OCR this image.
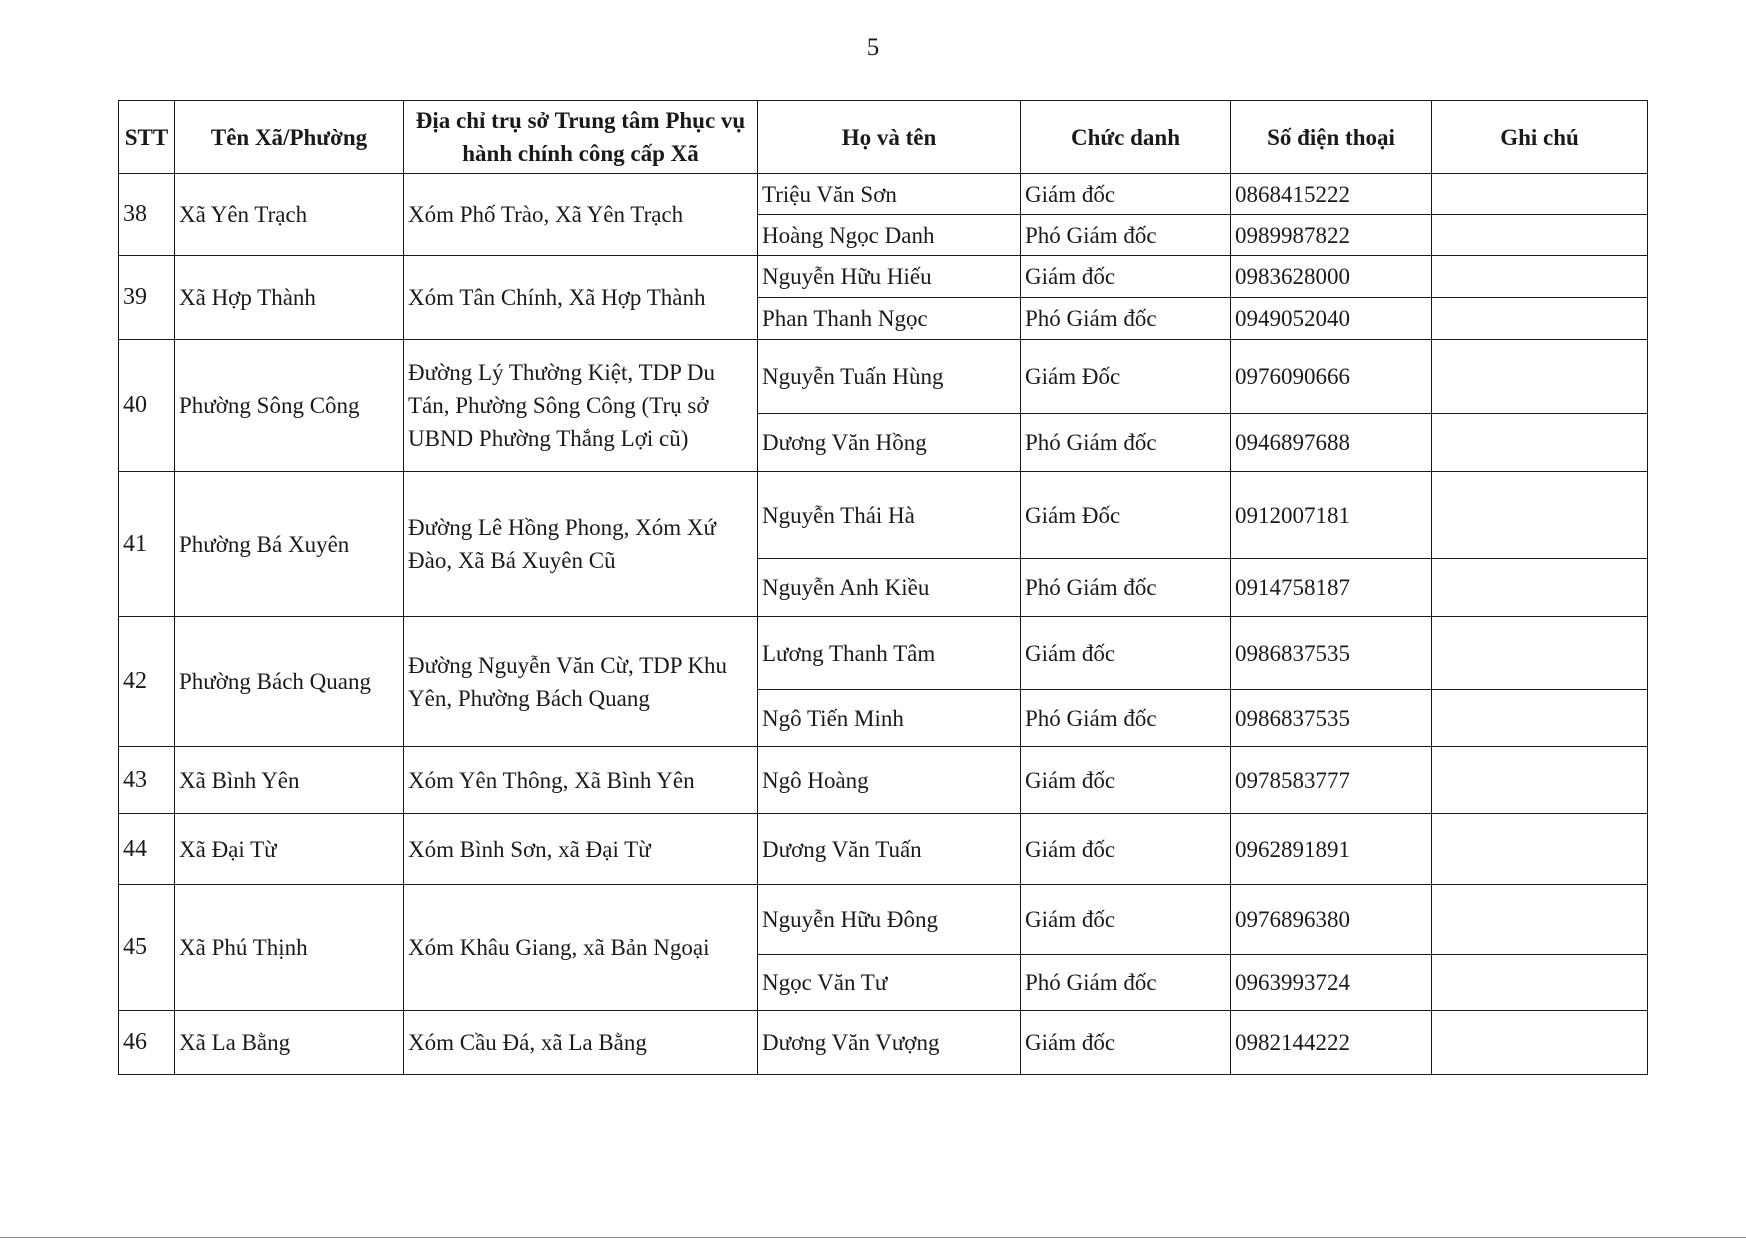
5
STT	Tên Xã/Phường	Địa chỉ trụ sở Trung tâm Phục vụ hành chính công cấp Xã	Họ và tên	Chức danh	Số điện thoại	Ghi chú
38	Xã Yên Trạch	Xóm Phố Trào, Xã Yên Trạch	Triệu Văn Sơn	Giám đốc	0868415222	
			Hoàng Ngọc Danh	Phó Giám đốc	0989987822	
39	Xã Hợp Thành	Xóm Tân Chính, Xã Hợp Thành	Nguyễn Hữu Hiếu	Giám đốc	0983628000	
			Phan Thanh Ngọc	Phó Giám đốc	0949052040	
40	Phường Sông Công	Đường Lý Thường Kiệt, TDP Du Tán, Phường Sông Công (Trụ sở UBND Phường Thắng Lợi cũ)	Nguyễn Tuấn Hùng	Giám Đốc	0976090666	
			Dương Văn Hồng	Phó Giám đốc	0946897688	
41	Phường Bá Xuyên	Đường Lê Hồng Phong, Xóm Xứ Đào, Xã Bá Xuyên Cũ	Nguyễn Thái Hà	Giám Đốc	0912007181	
			Nguyễn Anh Kiều	Phó Giám đốc	0914758187	
42	Phường Bách Quang	Đường Nguyễn Văn Cừ, TDP Khu Yên, Phường Bách Quang	Lương Thanh Tâm	Giám đốc	0986837535	
			Ngô Tiến Minh	Phó Giám đốc	0986837535	
43	Xã Bình Yên	Xóm Yên Thông, Xã Bình Yên	Ngô Hoàng	Giám đốc	0978583777	
44	Xã Đại Từ	Xóm Bình Sơn, xã Đại Từ	Dương Văn Tuấn	Giám đốc	0962891891	
45	Xã Phú Thịnh	Xóm Khâu Giang, xã Bản Ngoại	Nguyễn Hữu Đông	Giám đốc	0976896380	
			Ngọc Văn Tư	Phó Giám đốc	0963993724	
46	Xã La Bằng	Xóm Cầu Đá, xã La Bằng	Dương Văn Vượng	Giám đốc	0982144222	
